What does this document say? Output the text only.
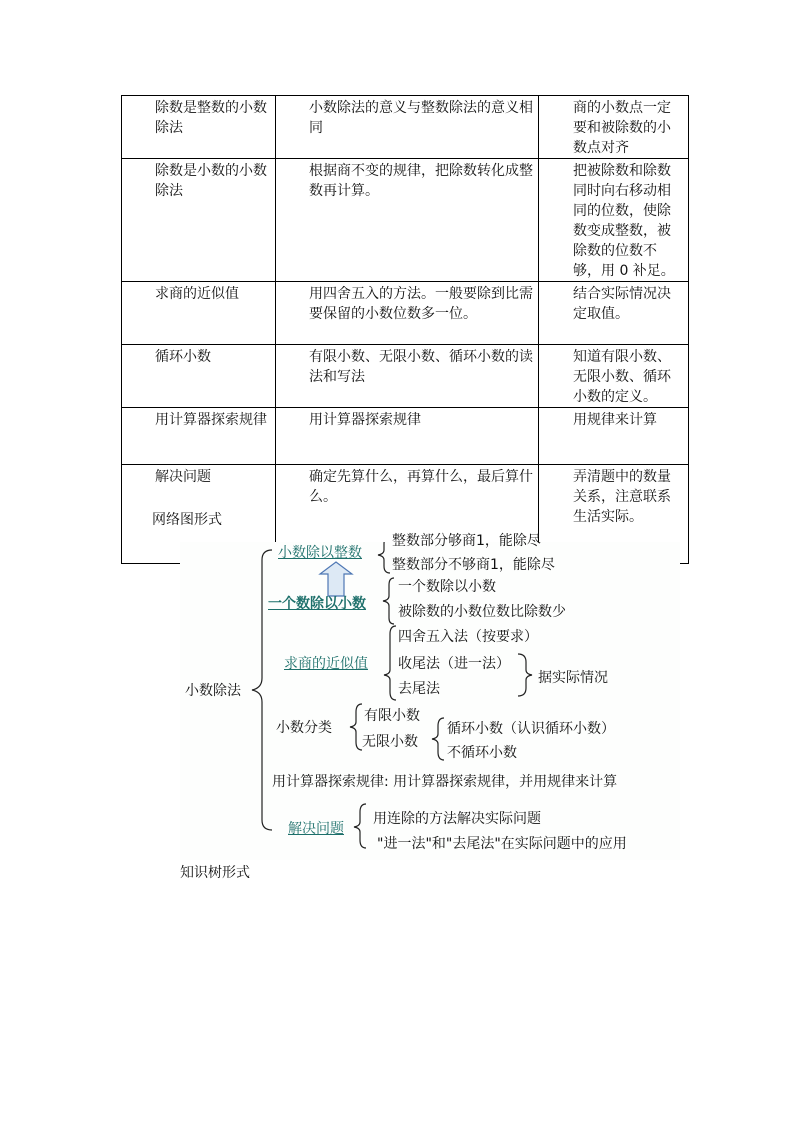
除数是整数的小数除法	小数除法的意义与整数除法的意义相同	商的小数点一定要和被除数的小数点对齐
除数是小数的小数除法	根据商不变的规律，把除数转化成整数再计算。	把被除数和除数同时向右移动相同的位数，使除数变成整数，被除数的位数不够，用 0 补足。
求商的近似值	用四舍五入的方法。一般要除到比需要保留的小数位数多一位。	结合实际情况决定取值。
循环小数	有限小数、无限小数、循环小数的读法和写法	知道有限小数、无限小数、循环小数的定义。
用计算器探索规律	用计算器探索规律	用规律来计算
解决问题	确定先算什么，再算什么，最后算什么。	弄清题中的数量关系，注意联系生活实际。
网络图形式
小数除法
小数除以整数
整数部分够商1，能除尽
整数部分不够商1，能除尽
一个数除以小数
一个数除以小数
被除数的小数位数比除数少
求商的近似值
四舍五入法（按要求）
收尾法（进一法）
去尾法
据实际情况
小数分类
有限小数
无限小数
循环小数（认识循环小数）
不循环小数
用计算器探索规律: 用计算器探索规律，并用规律来计算
解决问题
用连除的方法解决实际问题
"进一法"和"去尾法"在实际问题中的应用
知识树形式
